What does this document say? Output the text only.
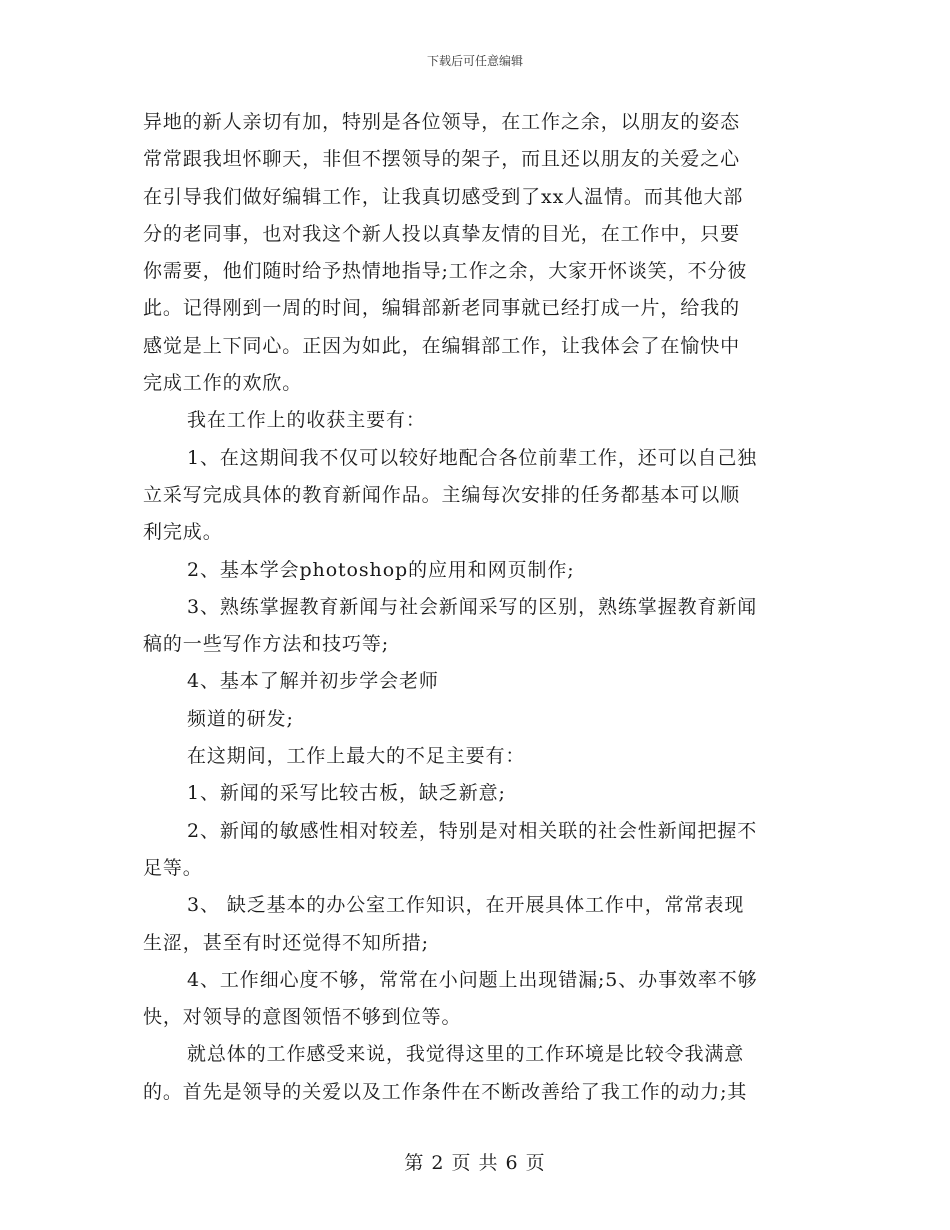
下载后可任意编辑
异地的新人亲切有加，特别是各位领导，在工作之余，以朋友的姿态
常常跟我坦怀聊天，非但不摆领导的架子，而且还以朋友的关爱之心
在引导我们做好编辑工作，让我真切感受到了xx人温情。而其他大部
分的老同事，也对我这个新人投以真挚友情的目光，在工作中，只要
你需要，他们随时给予热情地指导;工作之余，大家开怀谈笑，不分彼
此。记得刚到一周的时间，编辑部新老同事就已经打成一片，给我的
感觉是上下同心。正因为如此，在编辑部工作，让我体会了在愉快中
完成工作的欢欣。
我在工作上的收获主要有：
1、在这期间我不仅可以较好地配合各位前辈工作，还可以自己独
立采写完成具体的教育新闻作品。主编每次安排的任务都基本可以顺
利完成。
2、基本学会photoshop的应用和网页制作;
3、熟练掌握教育新闻与社会新闻采写的区别，熟练掌握教育新闻
稿的一些写作方法和技巧等;
4、基本了解并初步学会老师
频道的研发;
在这期间，工作上最大的不足主要有：
1、新闻的采写比较古板，缺乏新意;
2、新闻的敏感性相对较差，特别是对相关联的社会性新闻把握不
足等。
3、 缺乏基本的办公室工作知识，在开展具体工作中，常常表现
生涩，甚至有时还觉得不知所措;
4、工作细心度不够，常常在小问题上出现错漏;5、办事效率不够
快，对领导的意图领悟不够到位等。
就总体的工作感受来说，我觉得这里的工作环境是比较令我满意
的。首先是领导的关爱以及工作条件在不断改善给了我工作的动力;其
第 2 页 共 6 页
